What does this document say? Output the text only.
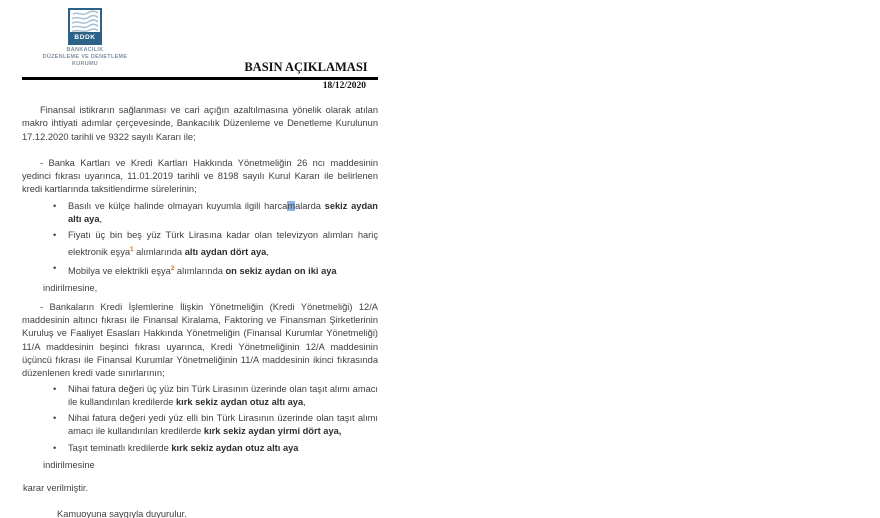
BDDK
BANKACILIK
DÜZENLEME VE DENETLEME
KURUMU	BASIN AÇIKLAMASI
18/12/2020

Finansal istikrarın sağlanması ve cari açığın azaltılmasına yönelik olarak atılan makro ihtiyati adımlar çerçevesinde, Bankacılık Düzenleme ve Denetleme Kurulunun 17.12.2020 tarihli ve 9322 sayılı Kararı ile;

- Banka Kartları ve Kredi Kartları Hakkında Yönetmeliğin 26 ncı maddesinin yedinci fıkrası uyarınca, 11.01.2019 tarihli ve 8198 sayılı Kurul Kararı ile belirlenen kredi kartlarında taksitlendirme sürelerinin;

• Basılı ve külçe halinde olmayan kuyumla ilgili harcamalarda sekiz aydan altı aya,
• Fiyatı üç bin beş yüz Türk Lirasına kadar olan televizyon alımları hariç elektronik eşya$^1$ alımlarında altı aydan dört aya,
• Mobilya ve elektrikli eşya$^2$ alımlarında on sekiz aydan on iki aya
indirilmesine,

- Bankaların Kredi İşlemlerine İlişkin Yönetmeliğin (Kredi Yönetmeliği) 12/A maddesinin altıncı fıkrası ile Finansal Kiralama, Faktoring ve Finansman Şirketlerinin Kuruluş ve Faaliyet Esasları Hakkında Yönetmeliğin (Finansal Kurumlar Yönetmeliği) 11/A maddesinin beşinci fıkrası uyarınca, Kredi Yönetmeliğinin 12/A maddesinin üçüncü fıkrası ile Finansal Kurumlar Yönetmeliğinin 11/A maddesinin ikinci fıkrasında düzenlenen kredi vade sınırlarının;

• Nihai fatura değeri üç yüz bin Türk Lirasının üzerinde olan taşıt alımı amacı ile kullandırılan kredilerde kırk sekiz aydan otuz altı aya,
• Nihai fatura değeri yedi yüz elli bin Türk Lirasının üzerinde olan taşıt alımı amacı ile kullandırılan kredilerde kırk sekiz aydan yirmi dört aya,
• Taşıt teminatlı kredilerde kırk sekiz aydan otuz altı aya
indirilmesine
karar verilmiştir.
Kamuoyuna saygıyla duyurulur.
